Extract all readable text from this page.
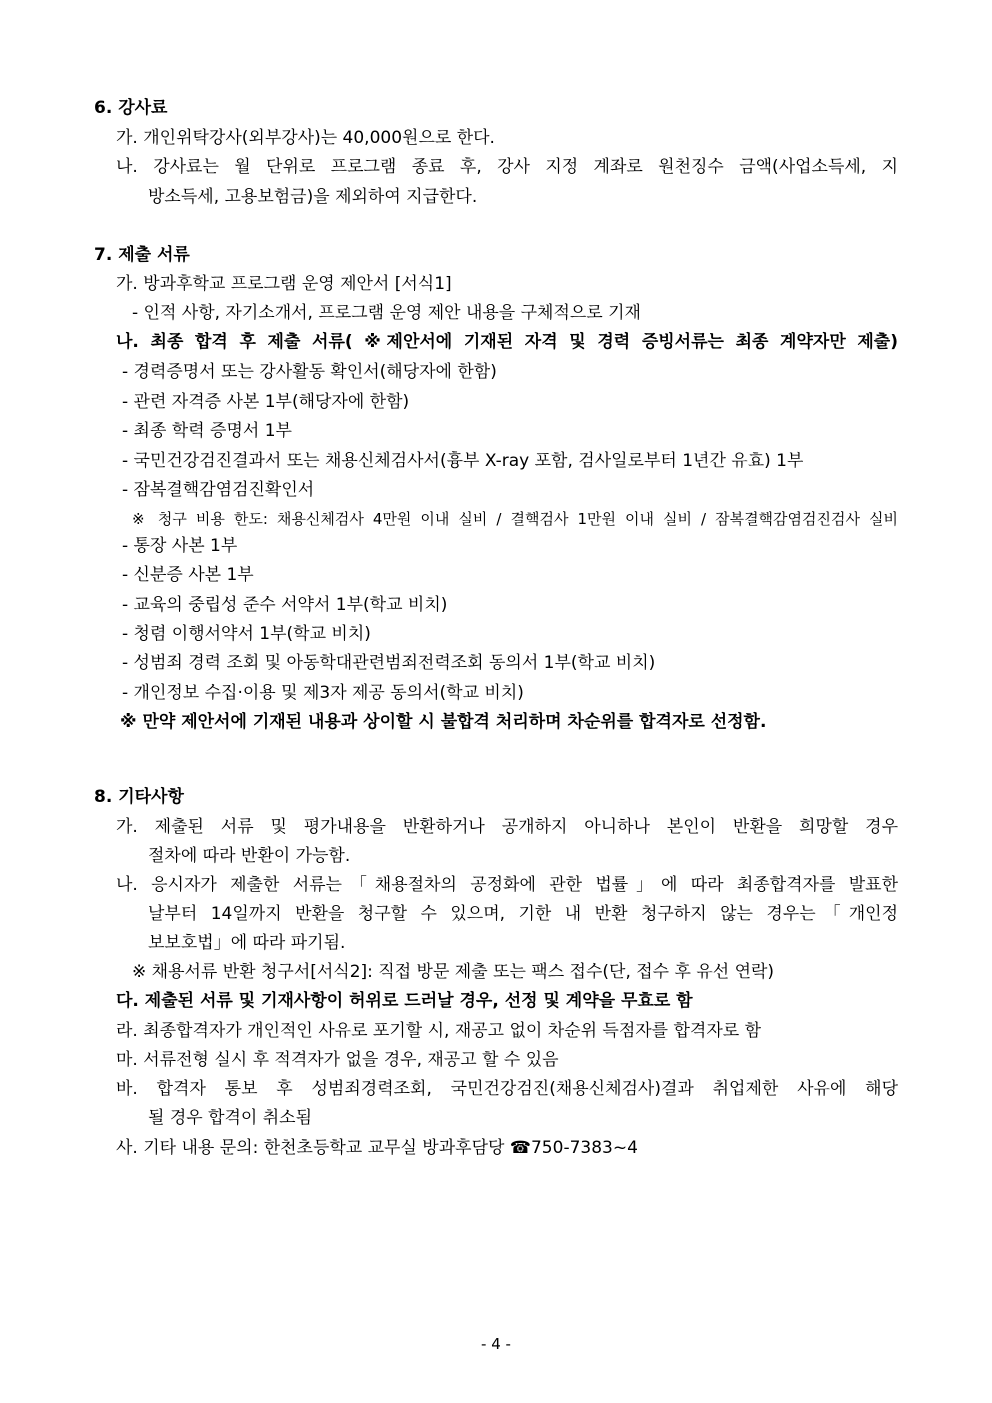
6. 강사료
가. 개인위탁강사(외부강사)는 40,000원으로 한다.
나. 강사료는 월 단위로 프로그램 종료 후, 강사 지정 계좌로 원천징수 금액(사업소득세, 지
방소득세, 고용보험금)을 제외하여 지급한다.
7. 제출 서류
가. 방과후학교 프로그램 운영 제안서 [서식1]
- 인적 사항, 자기소개서, 프로그램 운영 제안 내용을 구체적으로 기재
나. 최종 합격 후 제출 서류( ※제안서에 기재된 자격 및 경력 증빙서류는 최종 계약자만 제출)
- 경력증명서 또는 강사활동 확인서(해당자에 한함)
- 관련 자격증 사본 1부(해당자에 한함)
- 최종 학력 증명서 1부
- 국민건강검진결과서 또는 채용신체검사서(흉부 X-ray 포함, 검사일로부터 1년간 유효) 1부
- 잠복결핵감염검진확인서
※ 청구 비용 한도: 채용신체검사 4만원 이내 실비 / 결핵검사 1만원 이내 실비 / 잠복결핵감염검진검사 실비
- 통장 사본 1부
- 신분증 사본 1부
- 교육의 중립성 준수 서약서 1부(학교 비치)
- 청렴 이행서약서 1부(학교 비치)
- 성범죄 경력 조회 및 아동학대관련범죄전력조회 동의서 1부(학교 비치)
- 개인정보 수집·이용 및 제3자 제공 동의서(학교 비치)
※ 만약 제안서에 기재된 내용과 상이할 시 불합격 처리하며 차순위를 합격자로 선정함.
8. 기타사항
가. 제출된 서류 및 평가내용을 반환하거나 공개하지 아니하나 본인이 반환을 희망할 경우
절차에 따라 반환이 가능함.
나. 응시자가 제출한 서류는「채용절차의 공정화에 관한 법률」에 따라 최종합격자를 발표한
날부터 14일까지 반환을 청구할 수 있으며, 기한 내 반환 청구하지 않는 경우는「개인정
보보호법」에 따라 파기됨.
※ 채용서류 반환 청구서[서식2]: 직접 방문 제출 또는 팩스 접수(단, 접수 후 유선 연락)
다. 제출된 서류 및 기재사항이 허위로 드러날 경우, 선정 및 계약을 무효로 함
라. 최종합격자가 개인적인 사유로 포기할 시, 재공고 없이 차순위 득점자를 합격자로 함
마. 서류전형 실시 후 적격자가 없을 경우, 재공고 할 수 있음
바. 합격자 통보 후 성범죄경력조회, 국민건강검진(채용신체검사)결과 취업제한 사유에 해당
될 경우 합격이 취소됨
사. 기타 내용 문의: 한천초등학교 교무실 방과후담당 ☎750-7383~4
- 4 -
